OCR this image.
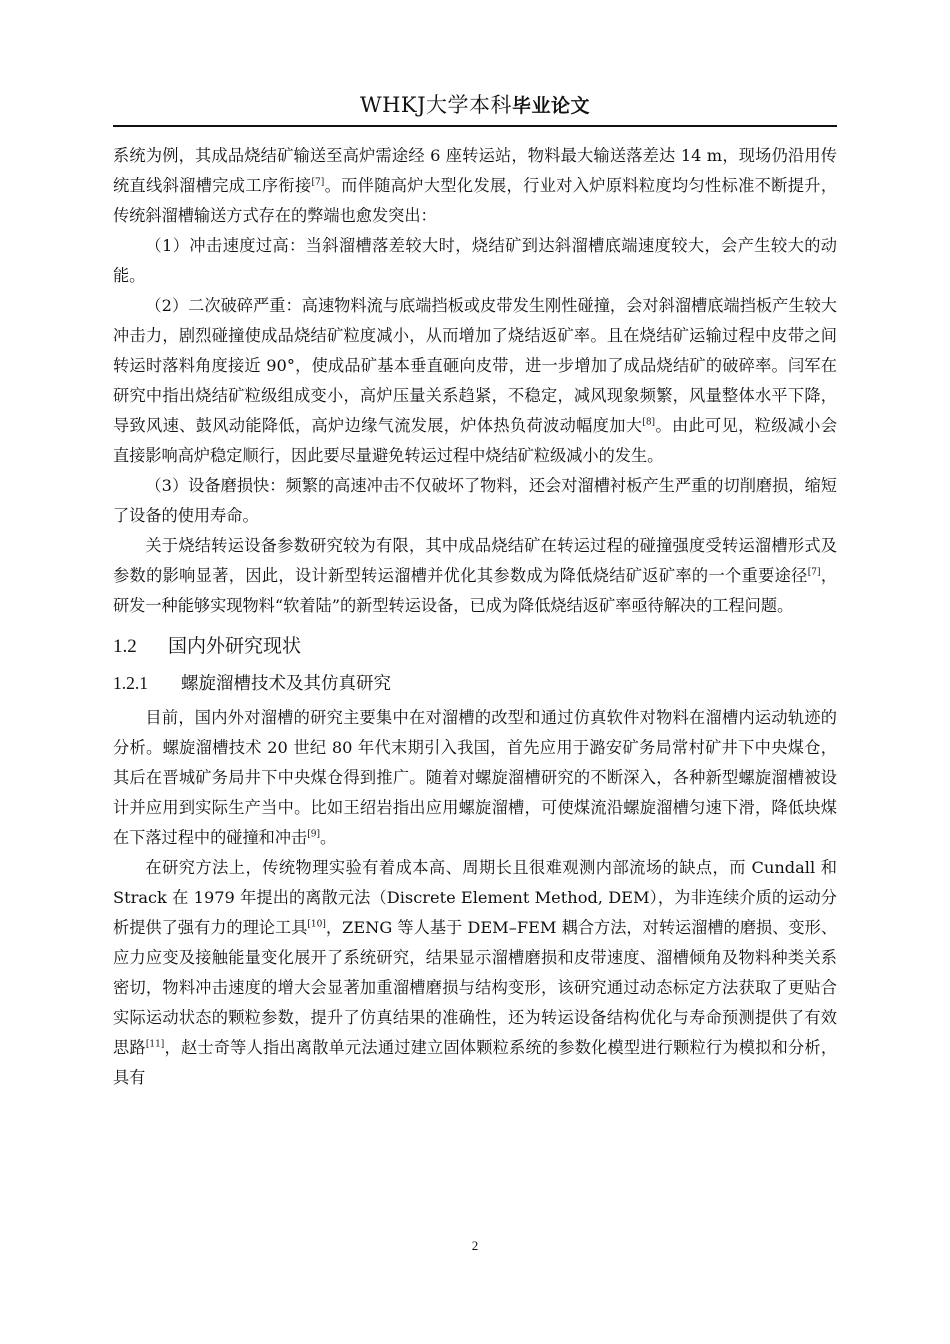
WHKJ大学本科毕业论文

系统为例，其成品烧结矿输送至高炉需途经 6 座转运站，物料最大输送落差达 14 m，现场仍沿用传统直线斜溜槽完成工序衔接[7]。而伴随高炉大型化发展，行业对入炉原料粒度均匀性标准不断提升，传统斜溜槽输送方式存在的弊端也愈发突出：

（1）冲击速度过高：当斜溜槽落差较大时，烧结矿到达斜溜槽底端速度较大，会产生较大的动能。

（2）二次破碎严重：高速物料流与底端挡板或皮带发生刚性碰撞，会对斜溜槽底端挡板产生较大冲击力，剧烈碰撞使成品烧结矿粒度减小，从而增加了烧结返矿率。且在烧结矿运输过程中皮带之间转运时落料角度接近 90°，使成品矿基本垂直砸向皮带，进一步增加了成品烧结矿的破碎率。闫军在研究中指出烧结矿粒级组成变小，高炉压量关系趋紧，不稳定，减风现象频繁，风量整体水平下降，导致风速、鼓风动能降低，高炉边缘气流发展，炉体热负荷波动幅度加大[8]。由此可见，粒级减小会直接影响高炉稳定顺行，因此要尽量避免转运过程中烧结矿粒级减小的发生。

（3）设备磨损快：频繁的高速冲击不仅破坏了物料，还会对溜槽衬板产生严重的切削磨损，缩短了设备的使用寿命。

关于烧结转运设备参数研究较为有限，其中成品烧结矿在转运过程的碰撞强度受转运溜槽形式及参数的影响显著，因此，设计新型转运溜槽并优化其参数成为降低烧结矿返矿率的一个重要途径[7]，研发一种能够实现物料“软着陆”的新型转运设备，已成为降低烧结返矿率亟待解决的工程问题。

1.2 国内外研究现状

1.2.1 螺旋溜槽技术及其仿真研究

目前，国内外对溜槽的研究主要集中在对溜槽的改型和通过仿真软件对物料在溜槽内运动轨迹的分析。螺旋溜槽技术 20 世纪 80 年代末期引入我国，首先应用于潞安矿务局常村矿井下中央煤仓，其后在晋城矿务局井下中央煤仓得到推广。随着对螺旋溜槽研究的不断深入，各种新型螺旋溜槽被设计并应用到实际生产当中。比如王绍岩指出应用螺旋溜槽，可使煤流沿螺旋溜槽匀速下滑，降低块煤在下落过程中的碰撞和冲击[9]。

在研究方法上，传统物理实验有着成本高、周期长且很难观测内部流场的缺点，而 Cundall 和 Strack 在 1979 年提出的离散元法（Discrete Element Method, DEM），为非连续介质的运动分析提供了强有力的理论工具[10]，ZENG 等人基于 DEM–FEM 耦合方法，对转运溜槽的磨损、变形、应力应变及接触能量变化展开了系统研究，结果显示溜槽磨损和皮带速度、溜槽倾角及物料种类关系密切，物料冲击速度的增大会显著加重溜槽磨损与结构变形，该研究通过动态标定方法获取了更贴合实际运动状态的颗粒参数，提升了仿真结果的准确性，还为转运设备结构优化与寿命预测提供了有效思路[11]，赵士奇等人指出离散单元法通过建立固体颗粒系统的参数化模型进行颗粒行为模拟和分析，具有

2
